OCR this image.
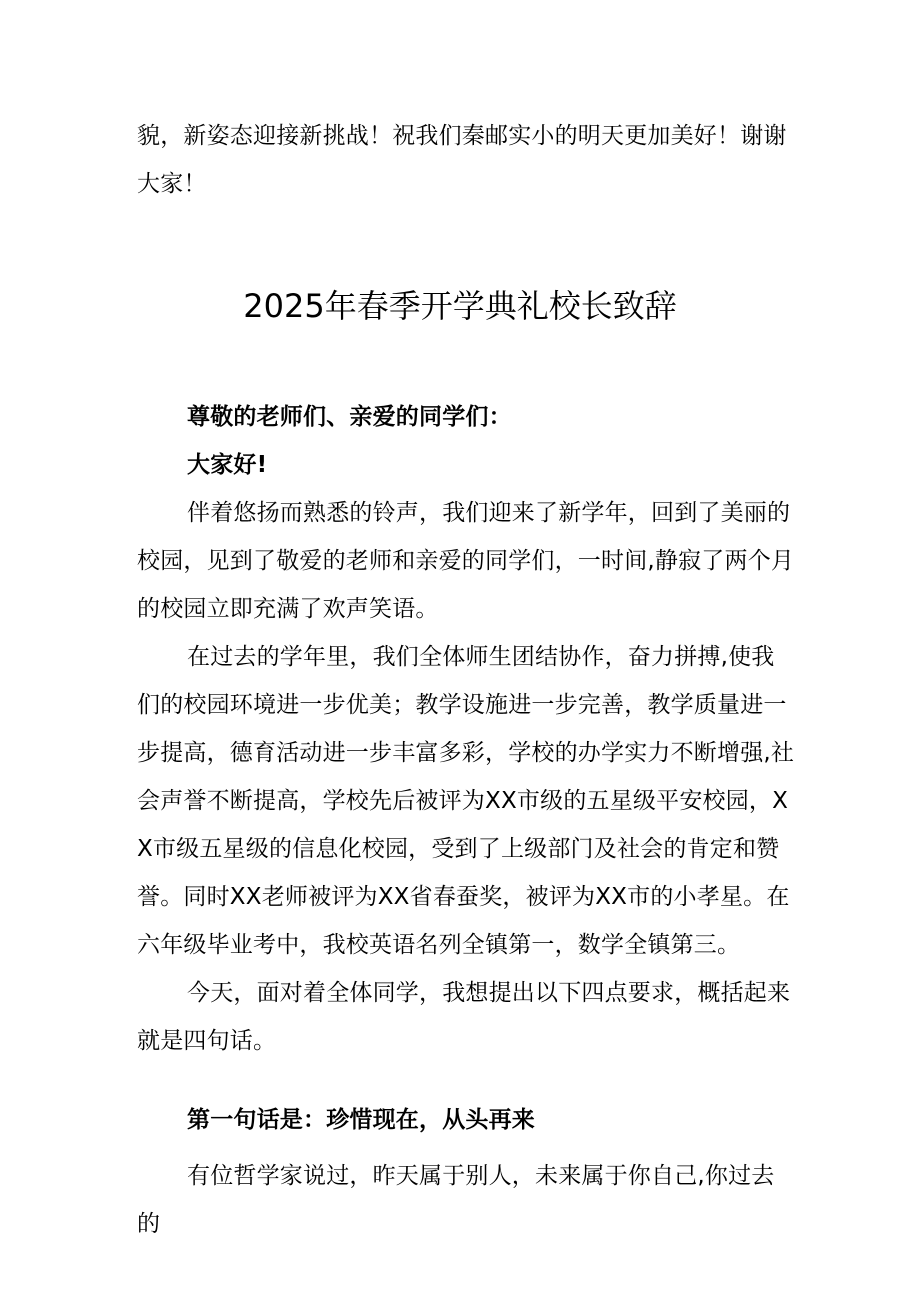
貌，新姿态迎接新挑战！祝我们秦邮实小的明天更加美好！谢谢大家！

2025年春季开学典礼校长致辞

尊敬的老师们、亲爱的同学们：

大家好!

伴着悠扬而熟悉的铃声，我们迎来了新学年，回到了美丽的校园，见到了敬爱的老师和亲爱的同学们，一时间,静寂了两个月的校园立即充满了欢声笑语。

在过去的学年里，我们全体师生团结协作，奋力拼搏,使我们的校园环境进一步优美；教学设施进一步完善，教学质量进一步提高，德育活动进一步丰富多彩，学校的办学实力不断增强,社会声誉不断提高，学校先后被评为XX市级的五星级平安校园，XX市级五星级的信息化校园，受到了上级部门及社会的肯定和赞誉。同时XX老师被评为XX省春蚕奖，被评为XX市的小孝星。在六年级毕业考中，我校英语名列全镇第一，数学全镇第三。

今天，面对着全体同学，我想提出以下四点要求，概括起来就是四句话。

第一句话是：珍惜现在，从头再来

有位哲学家说过，昨天属于别人，未来属于你自己,你过去的
